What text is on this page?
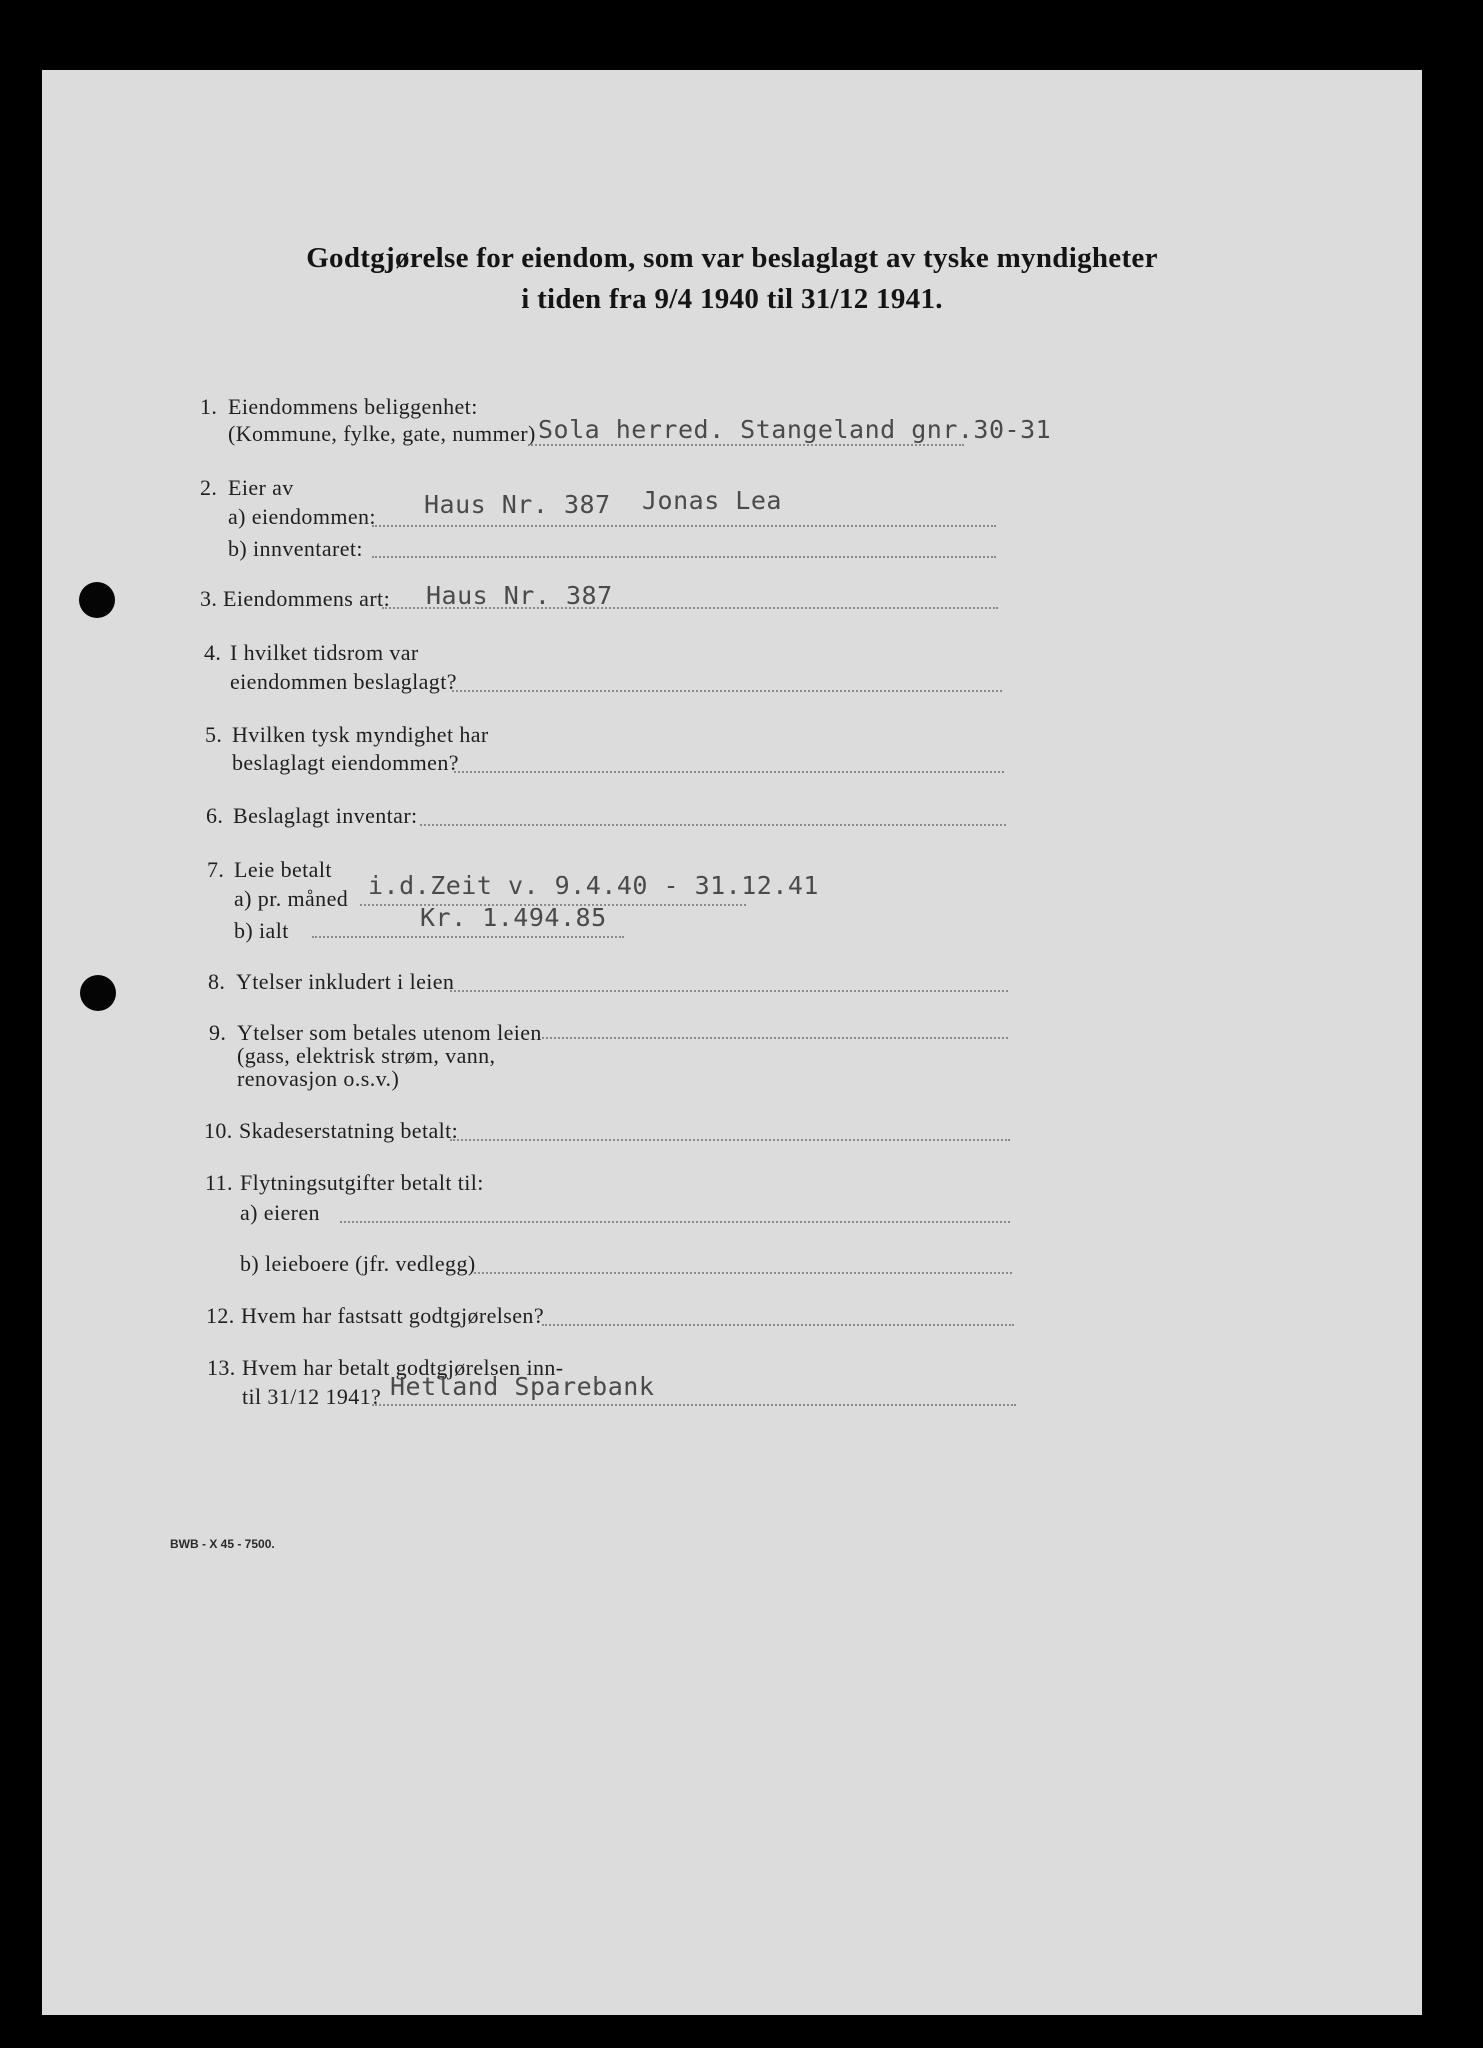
Godtgjørelse for eiendom, som var beslaglagt av tyske myndigheter
i tiden fra 9/4 1940 til 31/12 1941.
1. Eiendommens beliggenhet:
(Kommune, fylke, gate, nummer) Sola herred. Stangeland gnr.30-31
2. Eier av
a) eiendommen: Haus Nr. 387 Jonas Lea
b) innventaret:
3. Eiendommens art: Haus Nr. 387
4. I hvilket tidsrom var
eiendommen beslaglagt?
5. Hvilken tysk myndighet har
beslaglagt eiendommen?
6. Beslaglagt inventar:
7. Leie betalt
a) pr. måned i.d.Zeit v. 9.4.40 - 31.12.41
b) ialt	Kr. 1.494.85
8. Ytelser inkludert i leien
9. Ytelser som betales utenom leien
(gass, elektrisk strøm, vann,
renovasjon o.s.v.)
10. Skadeserstatning betalt:
11. Flytningsutgifter betalt til:
a) eieren
b) leieboere (jfr. vedlegg)
12. Hvem har fastsatt godtgjørelsen?
13. Hvem har betalt godtgjørelsen inn-
til 31/12 1941? Hetland Sparebank
BWB - X 45 - 7500.
